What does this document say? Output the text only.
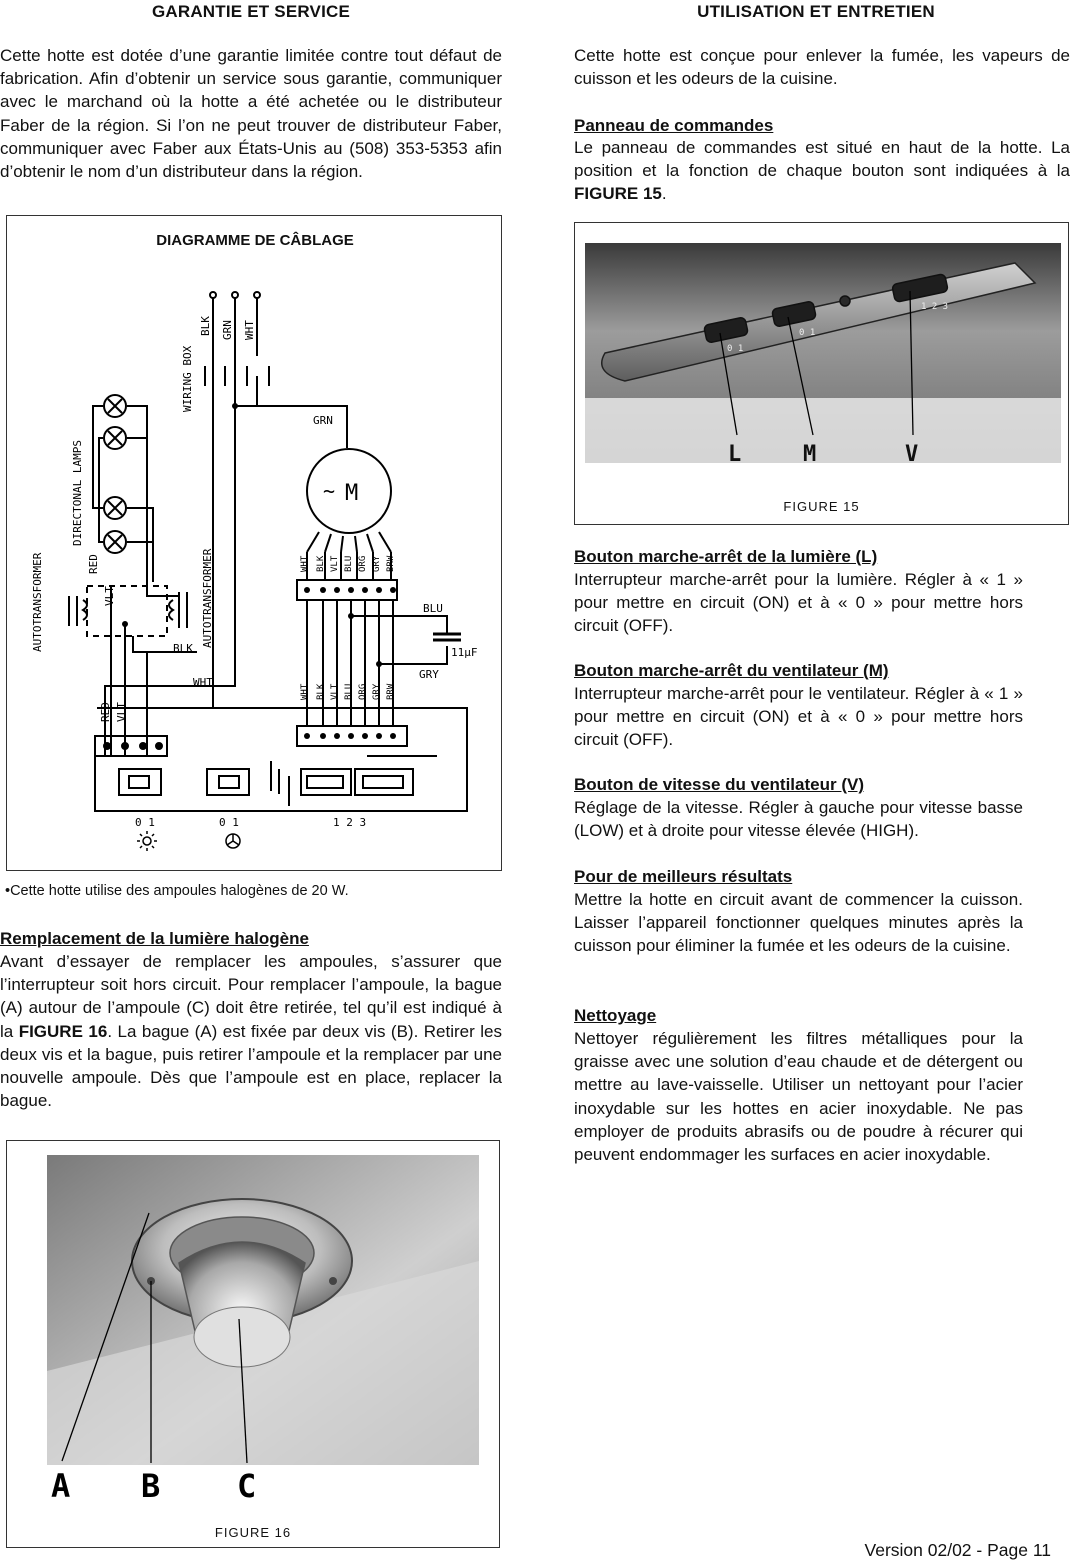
GARANTIE ET SERVICE
Cette hotte est dotée d’une garantie limitée contre tout défaut de fabrication. Afin d’obtenir un service sous garantie, communiquer avec le marchand où la hotte a été achetée ou le distributeur Faber de la région. Si l’on ne peut trouver de distributeur Faber, communiquer avec Faber aux États-Unis au (508) 353-5353 afin d’obtenir le nom d’un distributeur dans la région.
DIAGRAMME DE CÂBLAGE
BLK GRN WHT
WIRING BOX
GRN
DIRECTONAL LAMPS
AUTOTRANSFORMER	AUTOTRANSFORMER
RED
VLT
BLK
WHT
RED VLT
BLU
11µF
GRY
0 1	0 1	1 2 3
M
~
WHT BLK VLT BLU ORG GRY BRW
WHT BLK VLT BLU ORG GRY BRW
•Cette hotte utilise des ampoules halogènes de 20 W.
Remplacement de la lumière halogène
Avant d’essayer de remplacer les ampoules, s’assurer que l’interrupteur soit hors circuit. Pour remplacer l’ampoule, la bague (A) autour de l’ampoule (C) doit être retirée, tel qu’il est indiqué à la FIGURE 16. La bague (A) est fixée par deux vis (B). Retirer les deux vis et la bague, puis retirer l’ampoule et la remplacer par une nouvelle ampoule. Dès que l’ampoule est en place, replacer la bague.
A B C
FIGURE 16
UTILISATION ET ENTRETIEN
Cette hotte est conçue pour enlever la fumée, les vapeurs de cuisson et les odeurs de la cuisine.
Panneau de commandes
Le panneau de commandes est situé en haut de la hotte. La position et la fonction de chaque bouton sont indiquées à la FIGURE 15.
0 1
0 1
1 2 3
L	M	V
FIGURE 15
Bouton marche-arrêt de la lumière (L)
Interrupteur marche-arrêt pour la lumière. Régler à « 1 » pour mettre en circuit (ON) et à « 0 » pour mettre hors circuit (OFF).
Bouton marche-arrêt du ventilateur (M)
Interrupteur marche-arrêt pour le ventilateur. Régler à « 1 » pour mettre en circuit (ON) et à « 0 » pour mettre hors circuit (OFF).
Bouton de vitesse du ventilateur (V)
Réglage de la vitesse. Régler à gauche pour vitesse basse (LOW) et à droite pour vitesse élevée (HIGH).
Pour de meilleurs résultats
Mettre la hotte en circuit avant de commencer la cuisson. Laisser l’appareil fonctionner quelques minutes après la cuisson pour éliminer la fumée et les odeurs de la cuisine.
Nettoyage
Nettoyer régulièrement les filtres métalliques pour la graisse avec une solution d’eau chaude et de détergent ou mettre au lave-vaisselle. Utiliser un nettoyant pour l’acier inoxydable sur les hottes en acier inoxydable. Ne pas employer de produits abrasifs ou de poudre à récurer qui peuvent endommager les surfaces en acier inoxydable.
Version 02/02 - Page 11
